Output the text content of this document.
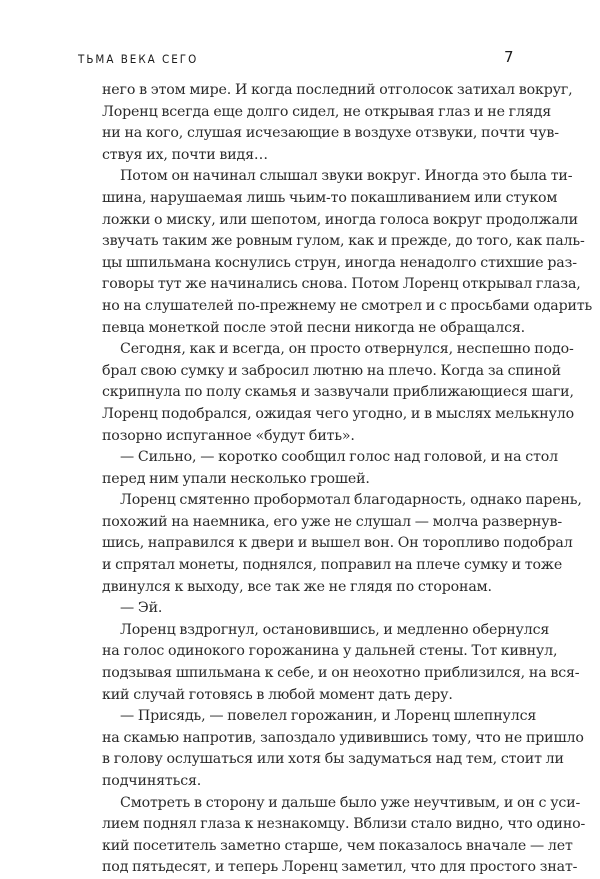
ТЬМА ВЕКА СЕГО	7
него в этом мире. И когда последний отголосок затихал вокруг,
Лоренц всегда еще долго сидел, не открывая глаз и не глядя
ни на кого, слушая исчезающие в воздухе отзвуки, почти чув-
ствуя их, почти видя…
Потом он начинал слышал звуки вокруг. Иногда это была ти-
шина, нарушаемая лишь чьим-то покашливанием или стуком
ложки о миску, или шепотом, иногда голоса вокруг продолжали
звучать таким же ровным гулом, как и прежде, до того, как паль-
цы шпильмана коснулись струн, иногда ненадолго стихшие раз-
говоры тут же начинались снова. Потом Лоренц открывал глаза,
но на слушателей по-прежнему не смотрел и с просьбами одарить
певца монеткой после этой песни никогда не обращался.
Сегодня, как и всегда, он просто отвернулся, неспешно подо-
брал свою сумку и забросил лютню на плечо. Когда за спиной
скрипнула по полу скамья и зазвучали приближающиеся шаги,
Лоренц подобрался, ожидая чего угодно, и в мыслях мелькнуло
позорно испуганное «будут бить».
— Сильно, — коротко сообщил голос над головой, и на стол
перед ним упали несколько грошей.
Лоренц смятенно пробормотал благодарность, однако парень,
похожий на наемника, его уже не слушал — молча развернув-
шись, направился к двери и вышел вон. Он торопливо подобрал
и спрятал монеты, поднялся, поправил на плече сумку и тоже
двинулся к выходу, все так же не глядя по сторонам.
— Эй.
Лоренц вздрогнул, остановившись, и медленно обернулся
на голос одинокого горожанина у дальней стены. Тот кивнул,
подзывая шпильмана к себе, и он неохотно приблизился, на вся-
кий случай готовясь в любой момент дать деру.
— Присядь, — повелел горожанин, и Лоренц шлепнулся
на скамью напротив, запоздало удивившись тому, что не пришло
в голову ослушаться или хотя бы задуматься над тем, стоит ли
подчиняться.
Смотреть в сторону и дальше было уже неучтивым, и он с уси-
лием поднял глаза к незнакомцу. Вблизи стало видно, что одино-
кий посетитель заметно старше, чем показалось вначале — лет
под пятьдесят, и теперь Лоренц заметил, что для простого знат-
